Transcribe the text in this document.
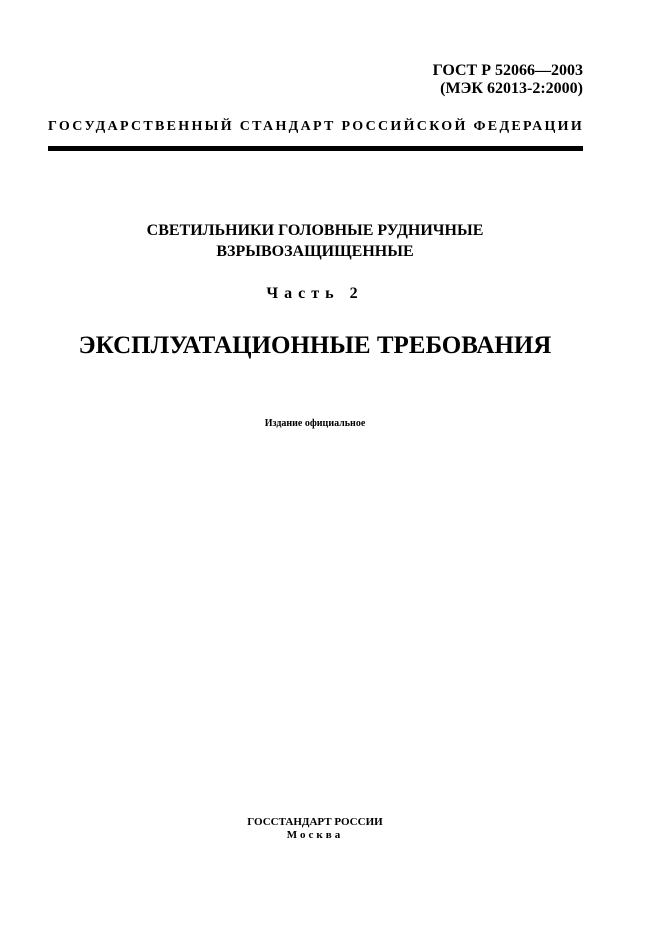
ГОСТ Р 52066—2003
(МЭК 62013-2:2000)
ГОСУДАРСТВЕННЫЙ СТАНДАРТ РОССИЙСКОЙ ФЕДЕРАЦИИ
СВЕТИЛЬНИКИ ГОЛОВНЫЕ РУДНИЧНЫЕ
ВЗРЫВОЗАЩИЩЕННЫЕ
Часть 2
ЭКСПЛУАТАЦИОННЫЕ ТРЕБОВАНИЯ
Издание официальное
ГОССТАНДАРТ РОССИИ
Москва
